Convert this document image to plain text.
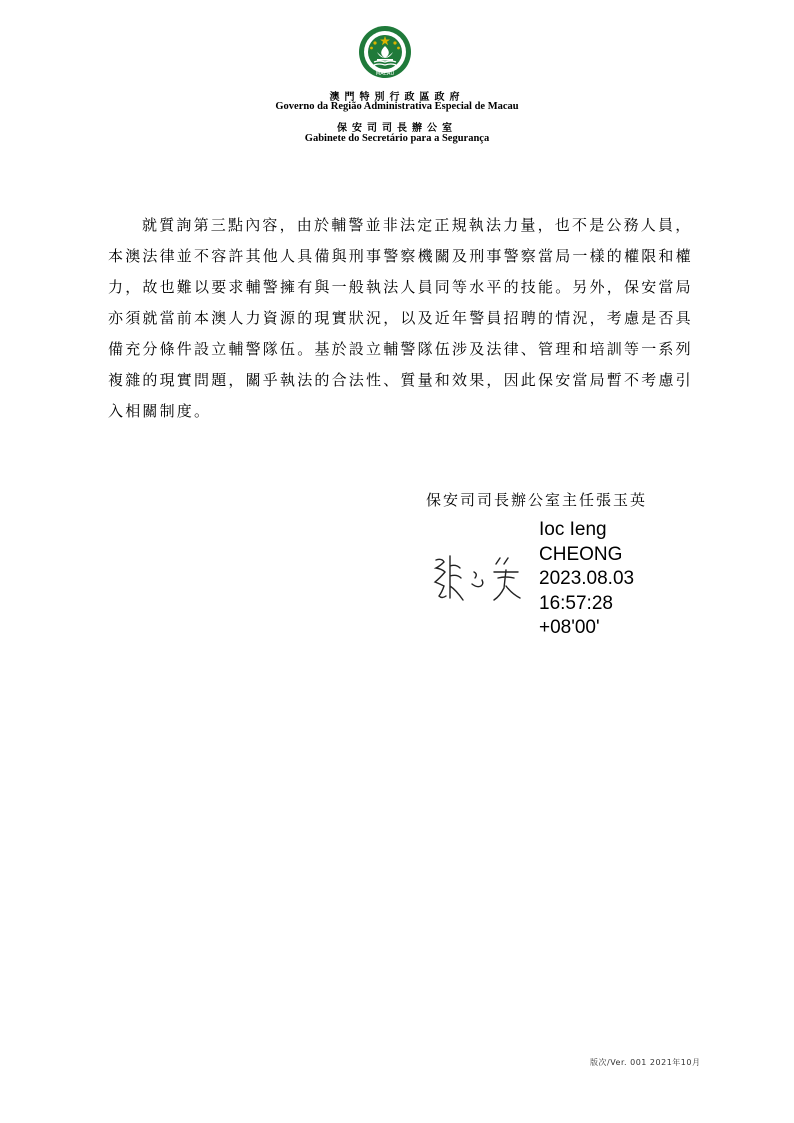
MACAU
澳門特別行政區政府
Governo da Região Administrativa Especial de Macau
保安司司長辦公室
Gabinete do Secretário para a Segurança
就質詢第三點內容，由於輔警並非法定正規執法力量，也不是公務人員，
本澳法律並不容許其他人具備與刑事警察機關及刑事警察當局一樣的權限和權
力，故也難以要求輔警擁有與一般執法人員同等水平的技能。另外，保安當局
亦須就當前本澳人力資源的現實狀況，以及近年警員招聘的情況，考慮是否具
備充分條件設立輔警隊伍。基於設立輔警隊伍涉及法律、管理和培訓等一系列
複雜的現實問題，關乎執法的合法性、質量和效果，因此保安當局暫不考慮引
入相關制度。
保安司司長辦公室主任張玉英
Ioc Ieng
CHEONG
2023.08.03
16:57:28
+08'00'
版次/Ver. 001 2021年10月
